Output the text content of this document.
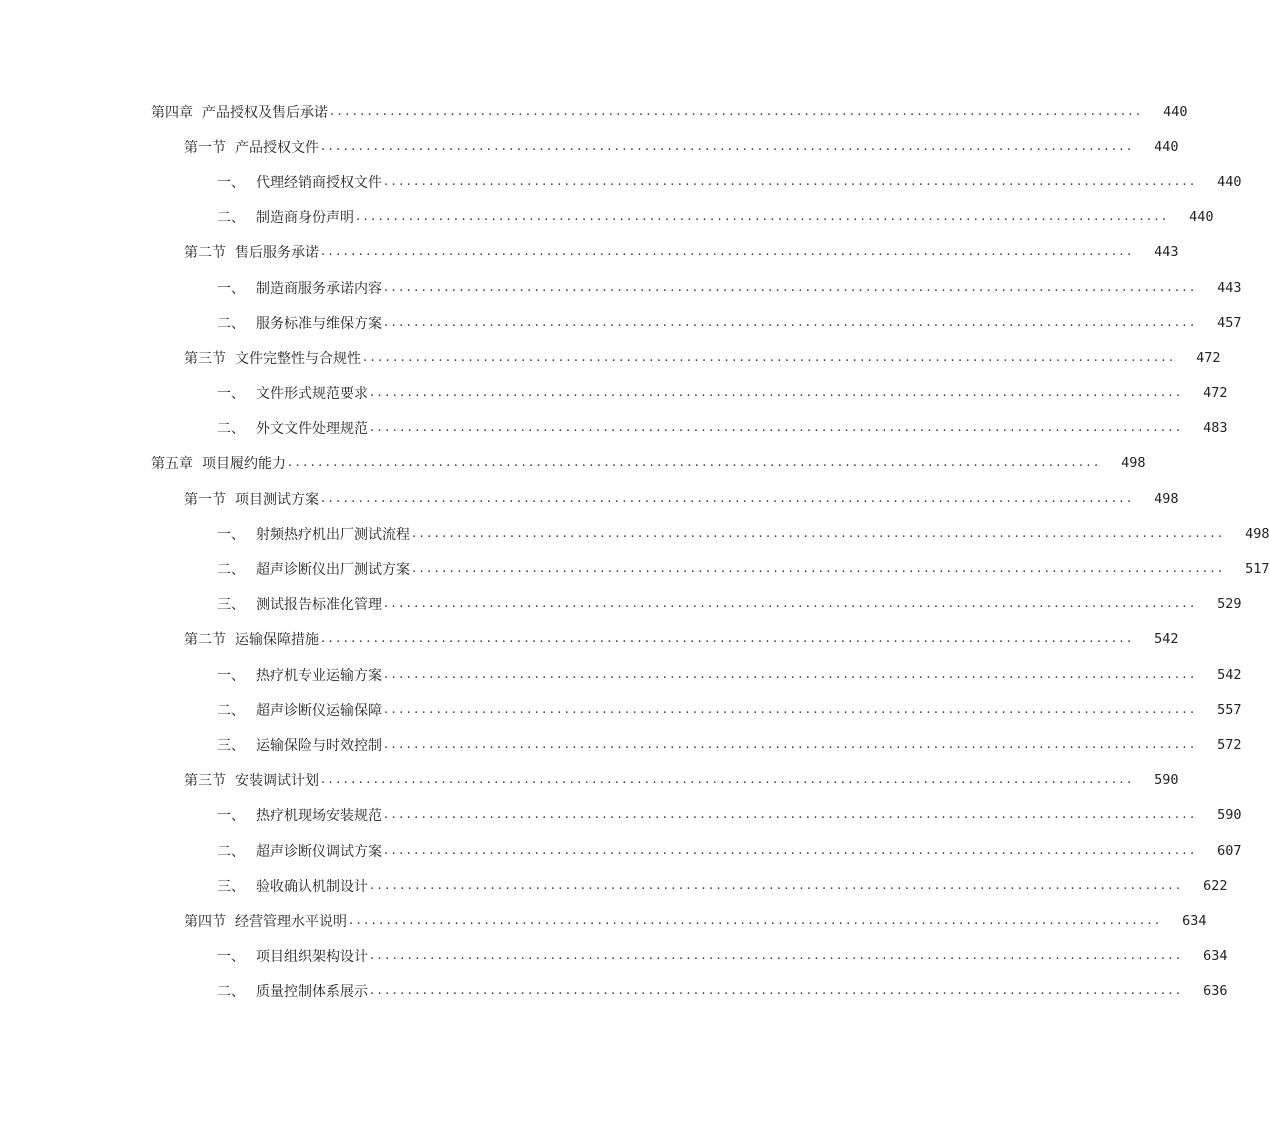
第四章 产品授权及售后承诺 ............................................................................................................	440
第一节 产品授权文件 ............................................................................................................	440
一、 代理经销商授权文件 ............................................................................................................	440
二、 制造商身份声明 ............................................................................................................	440
第二节 售后服务承诺 ............................................................................................................	443
一、 制造商服务承诺内容 ............................................................................................................	443
二、 服务标准与维保方案 ............................................................................................................	457
第三节 文件完整性与合规性 ............................................................................................................	472
一、 文件形式规范要求 ............................................................................................................	472
二、 外文文件处理规范 ............................................................................................................	483
第五章 项目履约能力 ............................................................................................................	498
第一节 项目测试方案 ............................................................................................................	498
一、 射频热疗机出厂测试流程 ............................................................................................................	498
二、 超声诊断仪出厂测试方案 ............................................................................................................	517
三、 测试报告标准化管理 ............................................................................................................	529
第二节 运输保障措施 ............................................................................................................	542
一、 热疗机专业运输方案 ............................................................................................................	542
二、 超声诊断仪运输保障 ............................................................................................................	557
三、 运输保险与时效控制 ............................................................................................................	572
第三节 安装调试计划 ............................................................................................................	590
一、 热疗机现场安装规范 ............................................................................................................	590
二、 超声诊断仪调试方案 ............................................................................................................	607
三、 验收确认机制设计 ............................................................................................................	622
第四节 经营管理水平说明 ............................................................................................................	634
一、 项目组织架构设计 ............................................................................................................	634
二、 质量控制体系展示 ............................................................................................................	636
